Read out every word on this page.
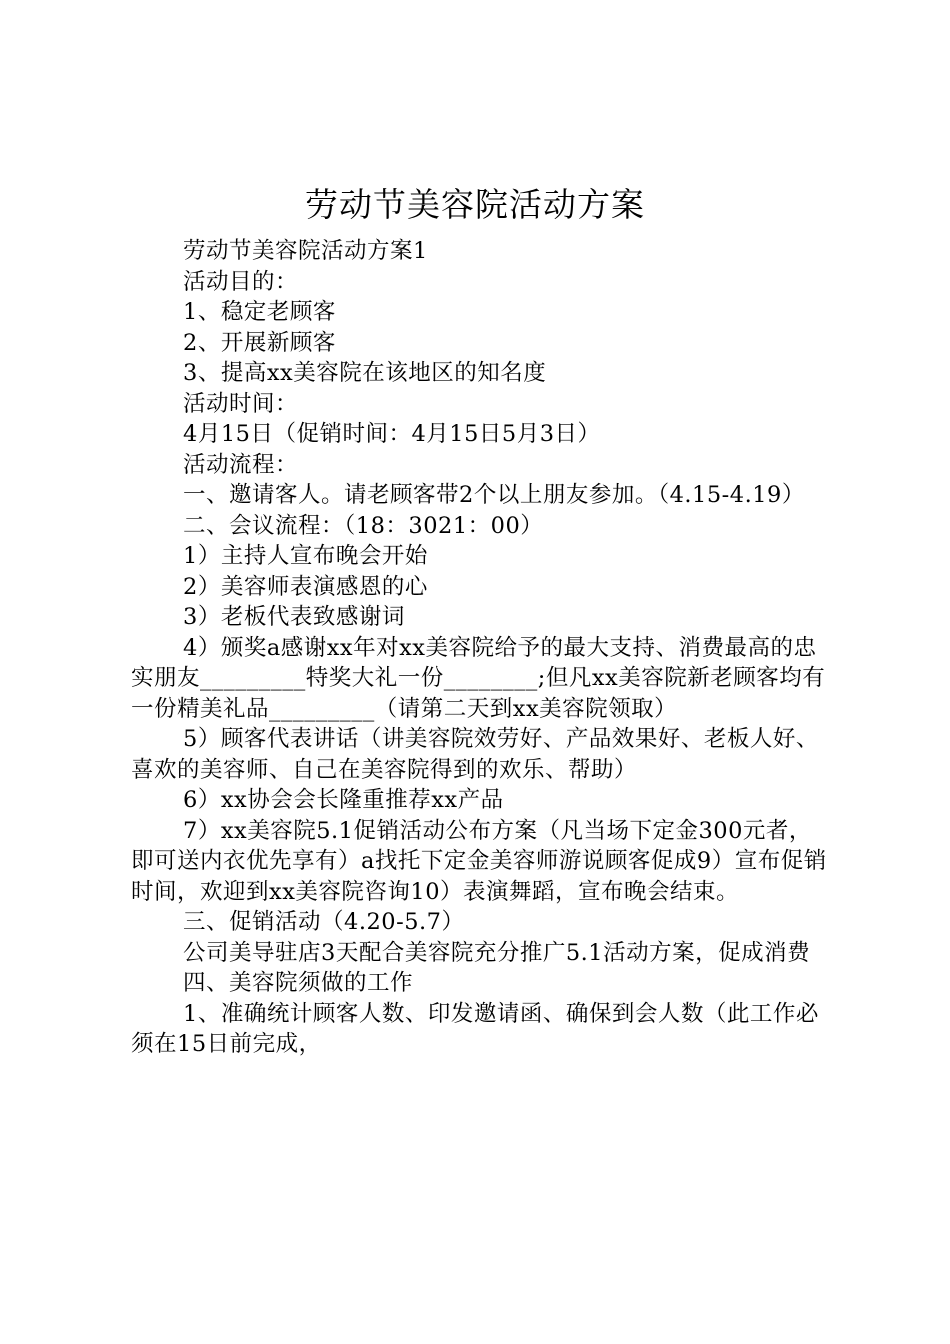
劳动节美容院活动方案

劳动节美容院活动方案1

活动目的：

1、稳定老顾客

2、开展新顾客

3、提高xx美容院在该地区的知名度

活动时间：

4月15日（促销时间：4月15日5月3日）

活动流程：

一、邀请客人。请老顾客带2个以上朋友参加。（4.15-4.19）

二、会议流程：（18：3021：00）

1）主持人宣布晚会开始

2）美容师表演感恩的心

3）老板代表致感谢词

4）颁奖a感谢xx年对xx美容院给予的最大支持、消费最高的忠实朋友_________特奖大礼一份________;但凡xx美容院新老顾客均有一份精美礼品_________（请第二天到xx美容院领取）

5）顾客代表讲话（讲美容院效劳好、产品效果好、老板人好、喜欢的美容师、自己在美容院得到的欢乐、帮助）

6）xx协会会长隆重推荐xx产品

7）xx美容院5.1促销活动公布方案（凡当场下定金300元者，即可送内衣优先享有）a找托下定金美容师游说顾客促成9）宣布促销时间，欢迎到xx美容院咨询10）表演舞蹈，宣布晚会结束。

三、促销活动（4.20-5.7）

公司美导驻店3天配合美容院充分推广5.1活动方案，促成消费

四、美容院须做的工作

1、准确统计顾客人数、印发邀请函、确保到会人数（此工作必须在15日前完成，
